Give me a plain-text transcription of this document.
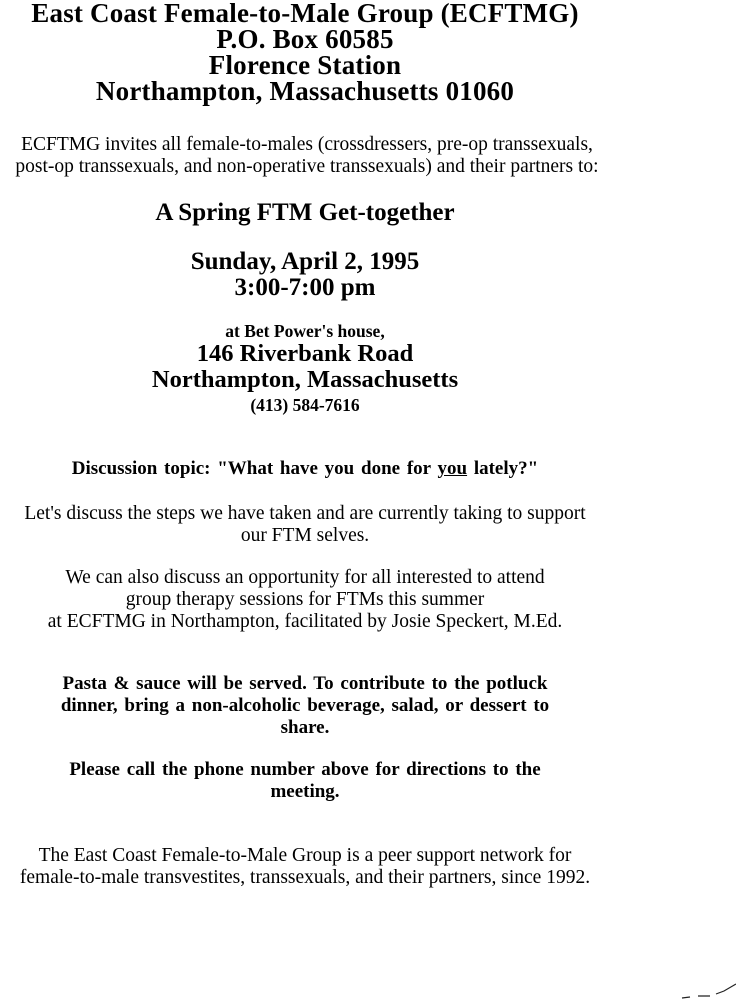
East Coast Female-to-Male Group (ECFTMG)
P.O. Box 60585
Florence Station
Northampton, Massachusetts 01060
ECFTMG invites all female-to-males (crossdressers, pre-op transsexuals,
post-op transsexuals, and non-operative transsexuals) and their partners to:
A Spring FTM Get-together
Sunday, April 2, 1995
3:00-7:00 pm
at Bet Power's house,
146 Riverbank Road
Northampton, Massachusetts
(413) 584-7616
Discussion topic: "What have you done for you lately?"
Let's discuss the steps we have taken and are currently taking to support
our FTM selves.
We can also discuss an opportunity for all interested to attend
group therapy sessions for FTMs this summer
at ECFTMG in Northampton, facilitated by Josie Speckert, M.Ed.
Pasta & sauce will be served. To contribute to the potluck
dinner, bring a non-alcoholic beverage, salad, or dessert to
share.
Please call the phone number above for directions to the
meeting.
The East Coast Female-to-Male Group is a peer support network for
female-to-male transvestites, transsexuals, and their partners, since 1992.
